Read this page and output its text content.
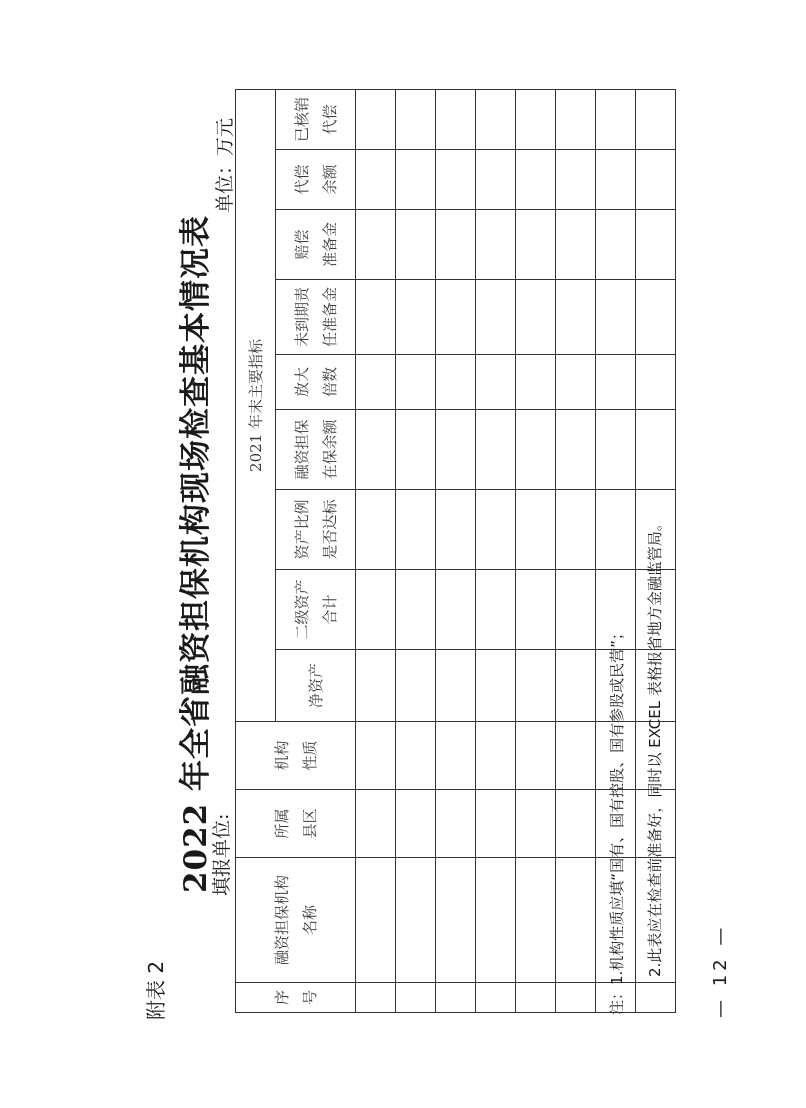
附表 2
2022 年全省融资担保机构现场检查基本情况表
填报单位:
单位：万元
序 号	融资担保机构 名称	所属 县区	机构 性质	2021 年末主要指标								
				净资产	二级资产 合计	资产比例 是否达标	融资担保 在保余额	放大 倍数	未到期责 任准备金	赔偿 准备金	代偿 余额	已核销 代偿

注：1.机构性质应填“国有、国有控股、国有参股或民营”；	2.此表应在检查前准备好，同时以 EXCEL 表格报省地方金融监管局。	— 12 —
